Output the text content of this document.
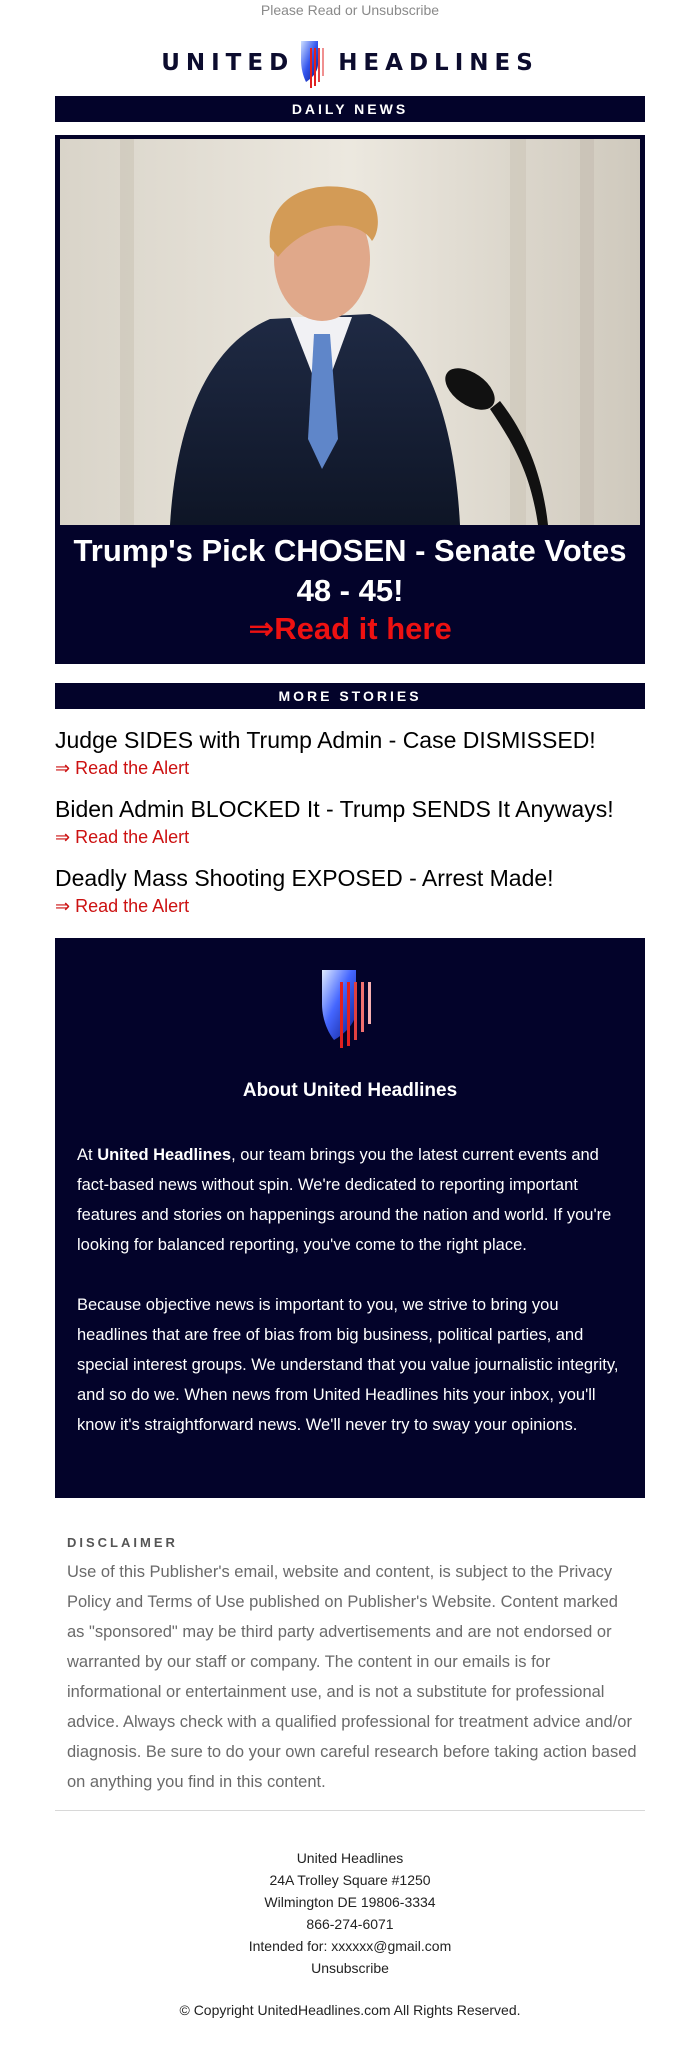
Please Read or Unsubscribe
UNITED HEADLINES
DAILY NEWS
Trump's Pick CHOSEN - Senate Votes 48 - 45!
⇒Read it here
MORE STORIES
Judge SIDES with Trump Admin - Case DISMISSED!
⇒ Read the Alert
Biden Admin BLOCKED It - Trump SENDS It Anyways!
⇒ Read the Alert
Deadly Mass Shooting EXPOSED - Arrest Made!
⇒ Read the Alert
About United Headlines
At United Headlines, our team brings you the latest current events and fact-based news without spin. We're dedicated to reporting important features and stories on happenings around the nation and world. If you're looking for balanced reporting, you've come to the right place.
Because objective news is important to you, we strive to bring you headlines that are free of bias from big business, political parties, and special interest groups. We understand that you value journalistic integrity, and so do we. When news from United Headlines hits your inbox, you'll know it's straightforward news. We'll never try to sway your opinions.
DISCLAIMER
Use of this Publisher's email, website and content, is subject to the Privacy Policy and Terms of Use published on Publisher's Website. Content marked as "sponsored" may be third party advertisements and are not endorsed or warranted by our staff or company. The content in our emails is for informational or entertainment use, and is not a substitute for professional advice. Always check with a qualified professional for treatment advice and/or diagnosis. Be sure to do your own careful research before taking action based on anything you find in this content.
United Headlines
24A Trolley Square #1250
Wilmington DE 19806-3334
866-274-6071
Intended for: xxxxxx@gmail.com
Unsubscribe
© Copyright UnitedHeadlines.com All Rights Reserved.
